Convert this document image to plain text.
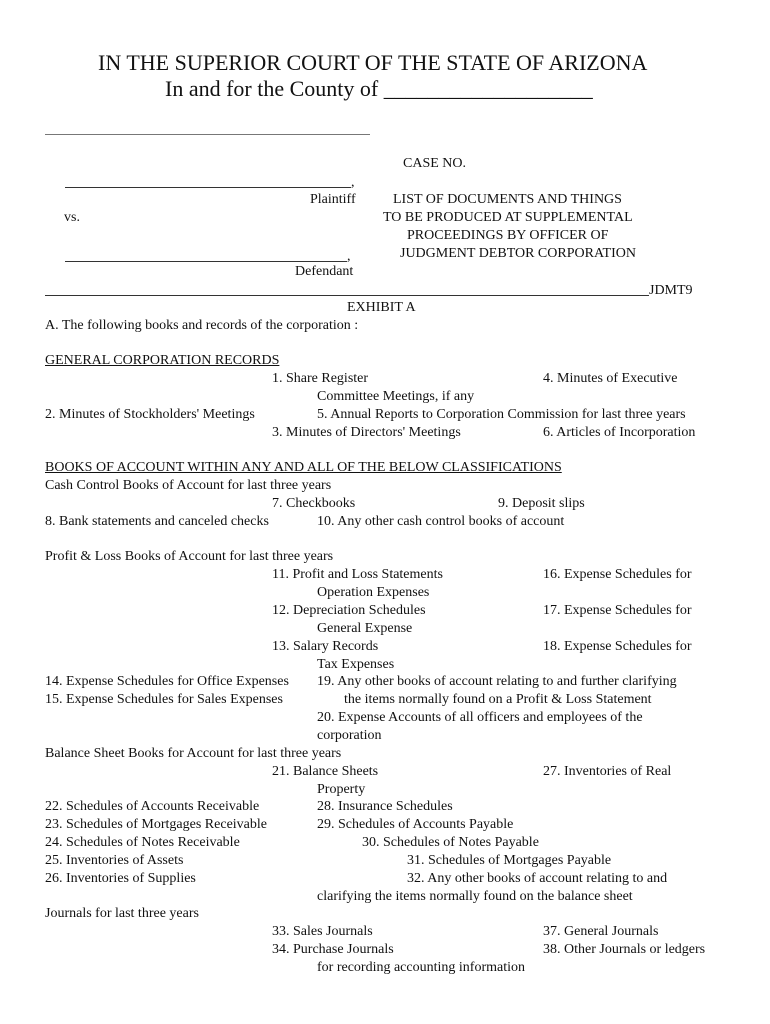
IN THE SUPERIOR COURT OF THE STATE OF ARIZONA
In and for the County of ___________________
CASE NO.
,
Plaintiff	LIST OF DOCUMENTS AND THINGS
TO BE PRODUCED AT SUPPLEMENTAL
PROCEEDINGS BY OFFICER OF
JUDGMENT DEBTOR CORPORATION
vs.
,
Defendant
JDMT9
EXHIBIT A
A. The following books and records of the corporation :
GENERAL CORPORATION RECORDS
1. Share Register	4. Minutes of Executive
Committee Meetings, if any
2. Minutes of Stockholders' Meetings	5. Annual Reports to Corporation Commission for last three years
3. Minutes of Directors' Meetings	6. Articles of Incorporation
BOOKS OF ACCOUNT WITHIN ANY AND ALL OF THE BELOW CLASSIFICATIONS
Cash Control Books of Account for last three years
7. Checkbooks	9. Deposit slips
8. Bank statements and canceled checks	10. Any other cash control books of account
Profit & Loss Books of Account for last three years
11. Profit and Loss Statements	16. Expense Schedules for
Operation Expenses
12. Depreciation Schedules	17. Expense Schedules for
General Expense
13. Salary Records	18. Expense Schedules for
Tax Expenses
14. Expense Schedules for Office Expenses 19. Any other books of account relating to and further clarifying
15. Expense Schedules for Sales Expenses	the items normally found on a Profit & Loss Statement
20. Expense Accounts of all officers and employees of the
corporation
Balance Sheet Books for Account for last three years
21. Balance Sheets	27. Inventories of Real
Property
22. Schedules of Accounts Receivable	28. Insurance Schedules
23. Schedules of Mortgages Receivable	29. Schedules of Accounts Payable
24. Schedules of Notes Receivable	30. Schedules of Notes Payable
25. Inventories of Assets	31. Schedules of Mortgages Payable
26. Inventories of Supplies	32. Any other books of account relating to and
clarifying the items normally found on the balance sheet
Journals for last three years
33. Sales Journals	37. General Journals
34. Purchase Journals	38. Other Journals or ledgers
for recording accounting information
